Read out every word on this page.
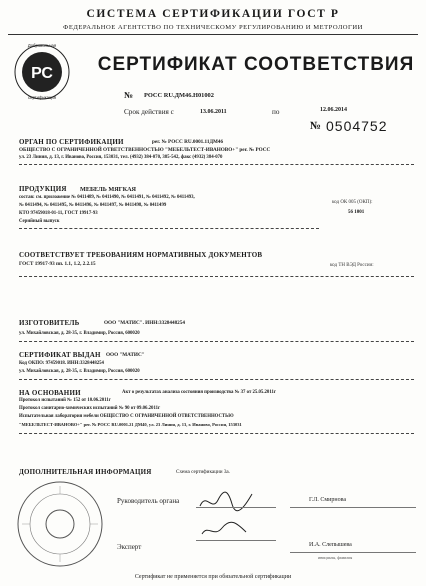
СИСТЕМА СЕРТИФИКАЦИИ ГОСТ Р
ФЕДЕРАЛЬНОЕ АГЕНТСТВО ПО ТЕХНИЧЕСКОМУ РЕГУЛИРОВАНИЮ И МЕТРОЛОГИИ
РС
Добровольная
сертификация
СЕРТИФИКАТ СООТВЕТСТВИЯ
№ РОСС RU.ДМ46.Н01002
Срок действия с	13.06.2011	по	12.06.2014
№ 0504752
ОРГАН ПО СЕРТИФИКАЦИИ	рег. № РОСС RU.0001.11ДМ46
ОБЩЕСТВО С ОГРАНИЧЕННОЙ ОТВЕТСТВЕННОСТЬЮ "МЕБЕЛЬТЕСТ-ИВАНОВО+" per. № РОСС
ул. 23 Линия, д. 13, г. Иваново, Россия, 153031, тел. (4932) 384-070, 385-542, факс (4932) 384-070
ПРОДУКЦИЯ МЕБЕЛЬ МЯГКАЯ
состав: см. приложение № 0411489, № 0411490, № 0411491, № 0411492, № 0411493,
№ 0411494, № 0411495, № 0411496, № 0411497, № 0411498, № 0411499
КТО 97459018-01-11, ГОСТ 19917-93
Серийный выпуск
код ОК 005 (ОКП):
56 1001
СООТВЕТСТВУЕТ ТРЕБОВАНИЯМ НОРМАТИВНЫХ ДОКУМЕНТОВ
ГОСТ 19917-93 пп. 1.1, 1.2, 2.2.15	код ТН ВЭД России:
ИЗГОТОВИТЕЛЬ	ООО "МАТИС". ИНН:3328448254
ул. Михайловская, д. 28-35, г. Владимир, Россия, 600020
СЕРТИФИКАТ ВЫДАН ООО "МАТИС"
Код ОКПО: 97459018. ИНН:3328448254
ул. Михайловская, д. 28-35, г. Владимир, Россия, 600020
НА ОСНОВАНИИ	Акт о результатах анализа состояния производства № 37 от 25.05.2011г
Протокол испытаний № 152 от 10.06.2011г
Протокол санитарно-химических испытаний № 90 от 09.06.2011г
Испытательная лаборатория мебели ОБЩЕСТВО С ОГРАНИЧЕННОЙ ОТВЕТСТВЕННОСТЬЮ
"МЕБЕЛЬТЕСТ-ИВАНОВО+" рег. № РОСС RU.0001.21 ДМ40, ул. 23 Линия, д. 13, г. Иваново, Россия, 153031
ДОПОЛНИТЕЛЬНАЯ ИНФОРМАЦИЯ	Схема сертификации 3а.
Руководитель органа	Г.Л. Смирнова
Эксперт	И.А. Слепышева
инициалы, фамилия
Сертификат не применяется при обязательной сертификации
